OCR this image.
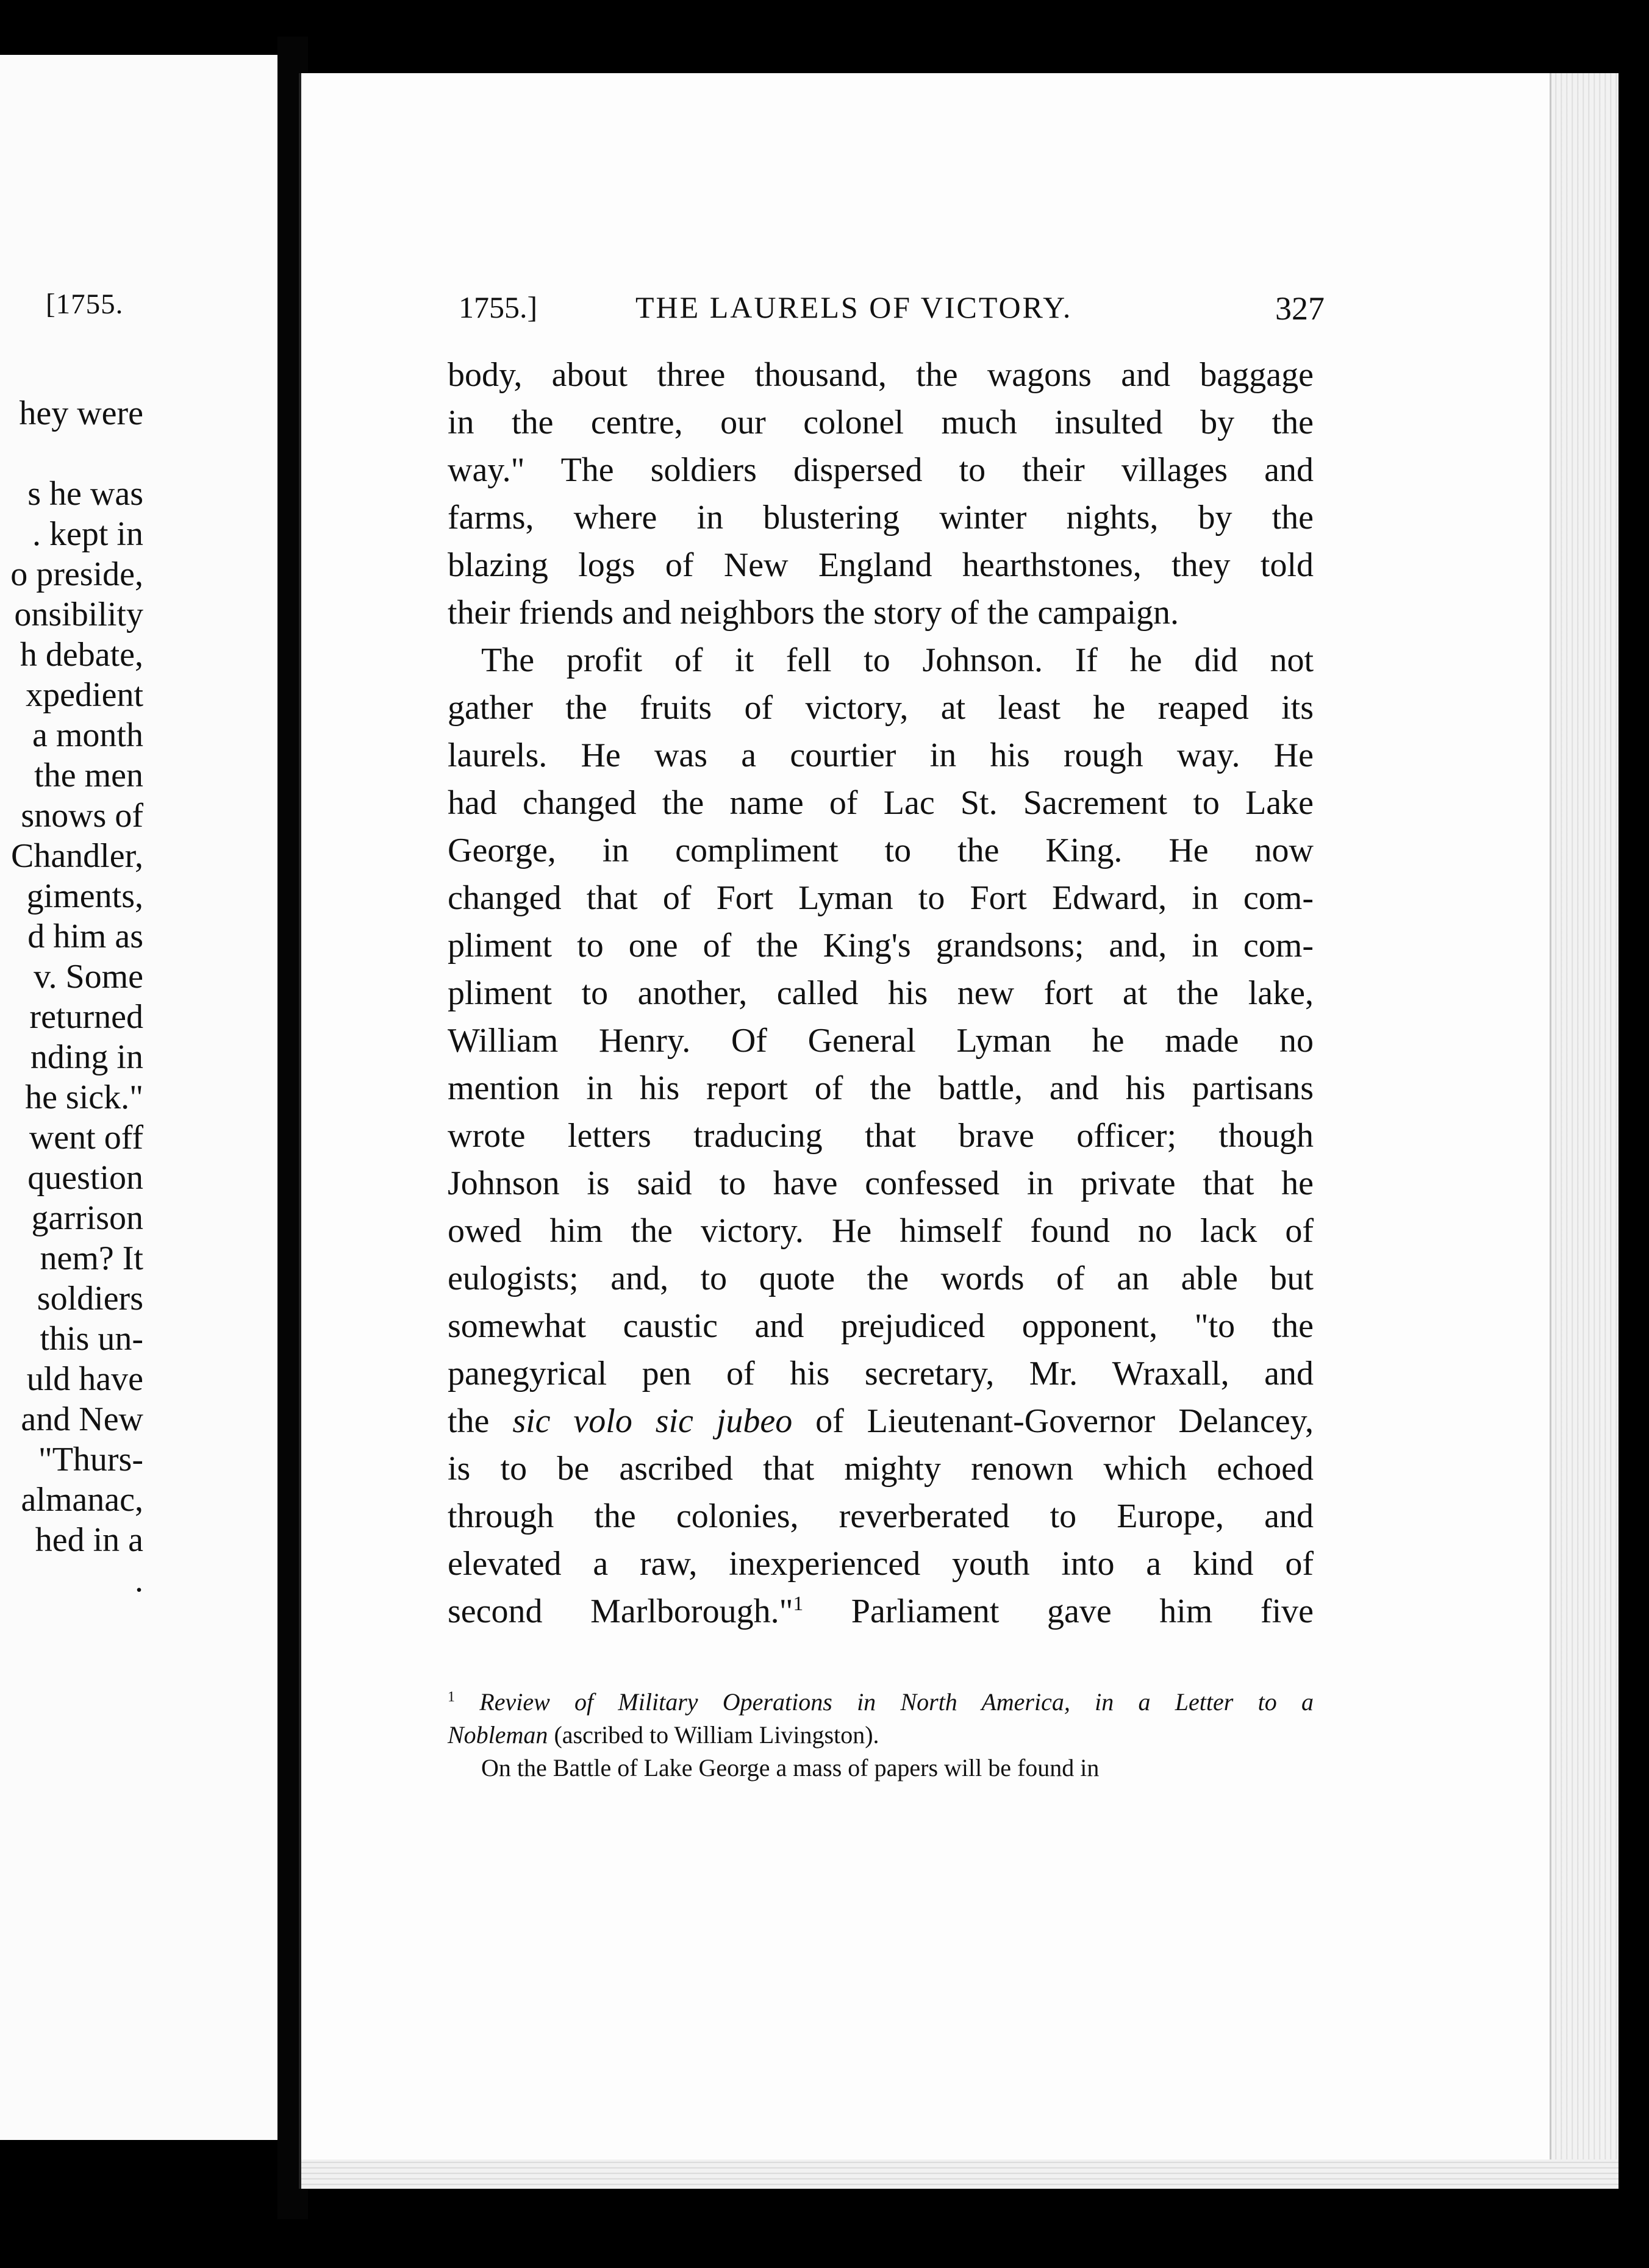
[1755.
hey were
s he was
. kept in
o preside,
onsibility
h debate,
xpedient
a month
the men
snows of
Chandler,
giments,
d him as
v. Some
returned
nding in
he sick."
went off
question
garrison
nem? It
soldiers
this un-
uld have
and New
"Thurs-
almanac,
hed in a
.
1755.]	THE LAURELS OF VICTORY.	327
body, about three thousand, the wagons and baggage
in the centre, our colonel much insulted by the
way." The soldiers dispersed to their villages and
farms, where in blustering winter nights, by the
blazing logs of New England hearthstones, they told
their friends and neighbors the story of the campaign.
The profit of it fell to Johnson. If he did not
gather the fruits of victory, at least he reaped its
laurels. He was a courtier in his rough way. He
had changed the name of Lac St. Sacrement to Lake
George, in compliment to the King. He now
changed that of Fort Lyman to Fort Edward, in com-
pliment to one of the King's grandsons; and, in com-
pliment to another, called his new fort at the lake,
William Henry. Of General Lyman he made no
mention in his report of the battle, and his partisans
wrote letters traducing that brave officer; though
Johnson is said to have confessed in private that he
owed him the victory. He himself found no lack of
eulogists; and, to quote the words of an able but
somewhat caustic and prejudiced opponent, "to the
panegyrical pen of his secretary, Mr. Wraxall, and
the sic volo sic jubeo of Lieutenant-Governor Delancey,
is to be ascribed that mighty renown which echoed
through the colonies, reverberated to Europe, and
elevated a raw, inexperienced youth into a kind of
second Marlborough."$^1$ Parliament gave him five
$^1$ Review of Military Operations in North America, in a Letter to a
Nobleman (ascribed to William Livingston).
On the Battle of Lake George a mass of papers will be found in
